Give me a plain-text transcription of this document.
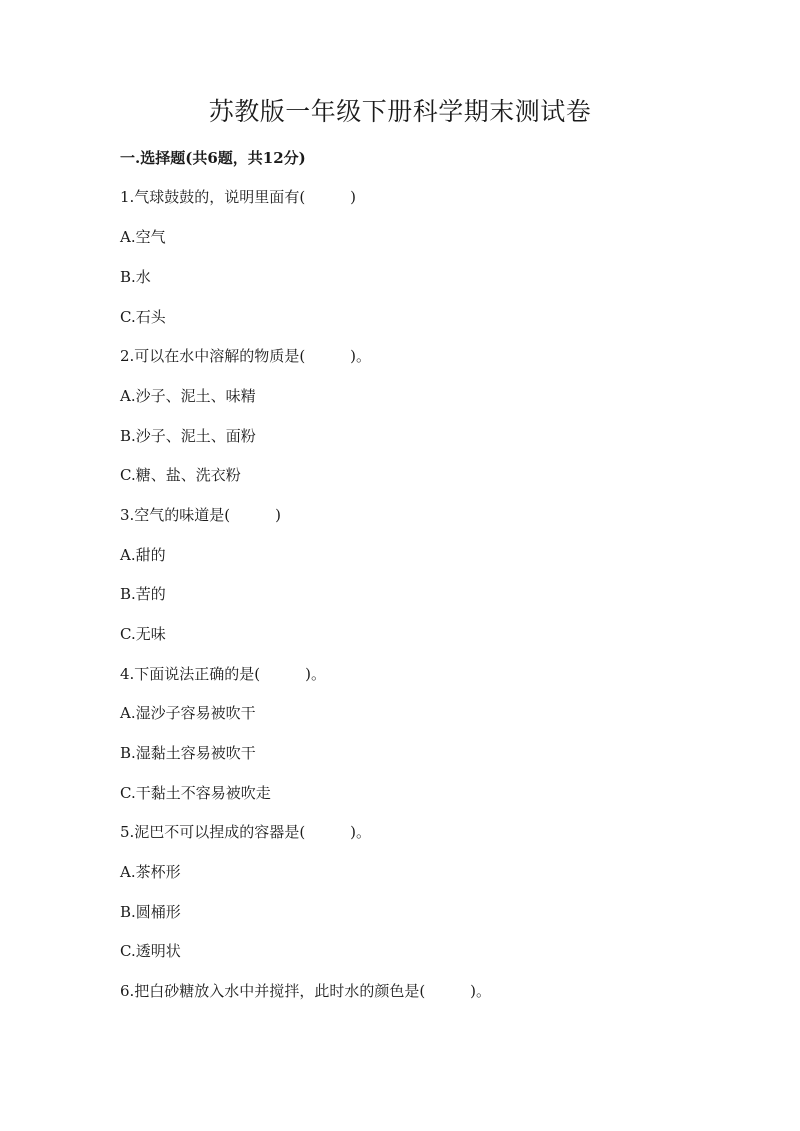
苏教版一年级下册科学期末测试卷
一.选择题(共6题，共12分)
1.气球鼓鼓的，说明里面有(　　　)
A.空气
B.水
C.石头
2.可以在水中溶解的物质是(　　　)。
A.沙子、泥土、味精
B.沙子、泥土、面粉
C.糖、盐、洗衣粉
3.空气的味道是(　　　)
A.甜的
B.苦的
C.无味
4.下面说法正确的是(　　　)。
A.湿沙子容易被吹干
B.湿黏土容易被吹干
C.干黏土不容易被吹走
5.泥巴不可以捏成的容器是(　　　)。
A.茶杯形
B.圆桶形
C.透明状
6.把白砂糖放入水中并搅拌，此时水的颜色是(　　　)。
